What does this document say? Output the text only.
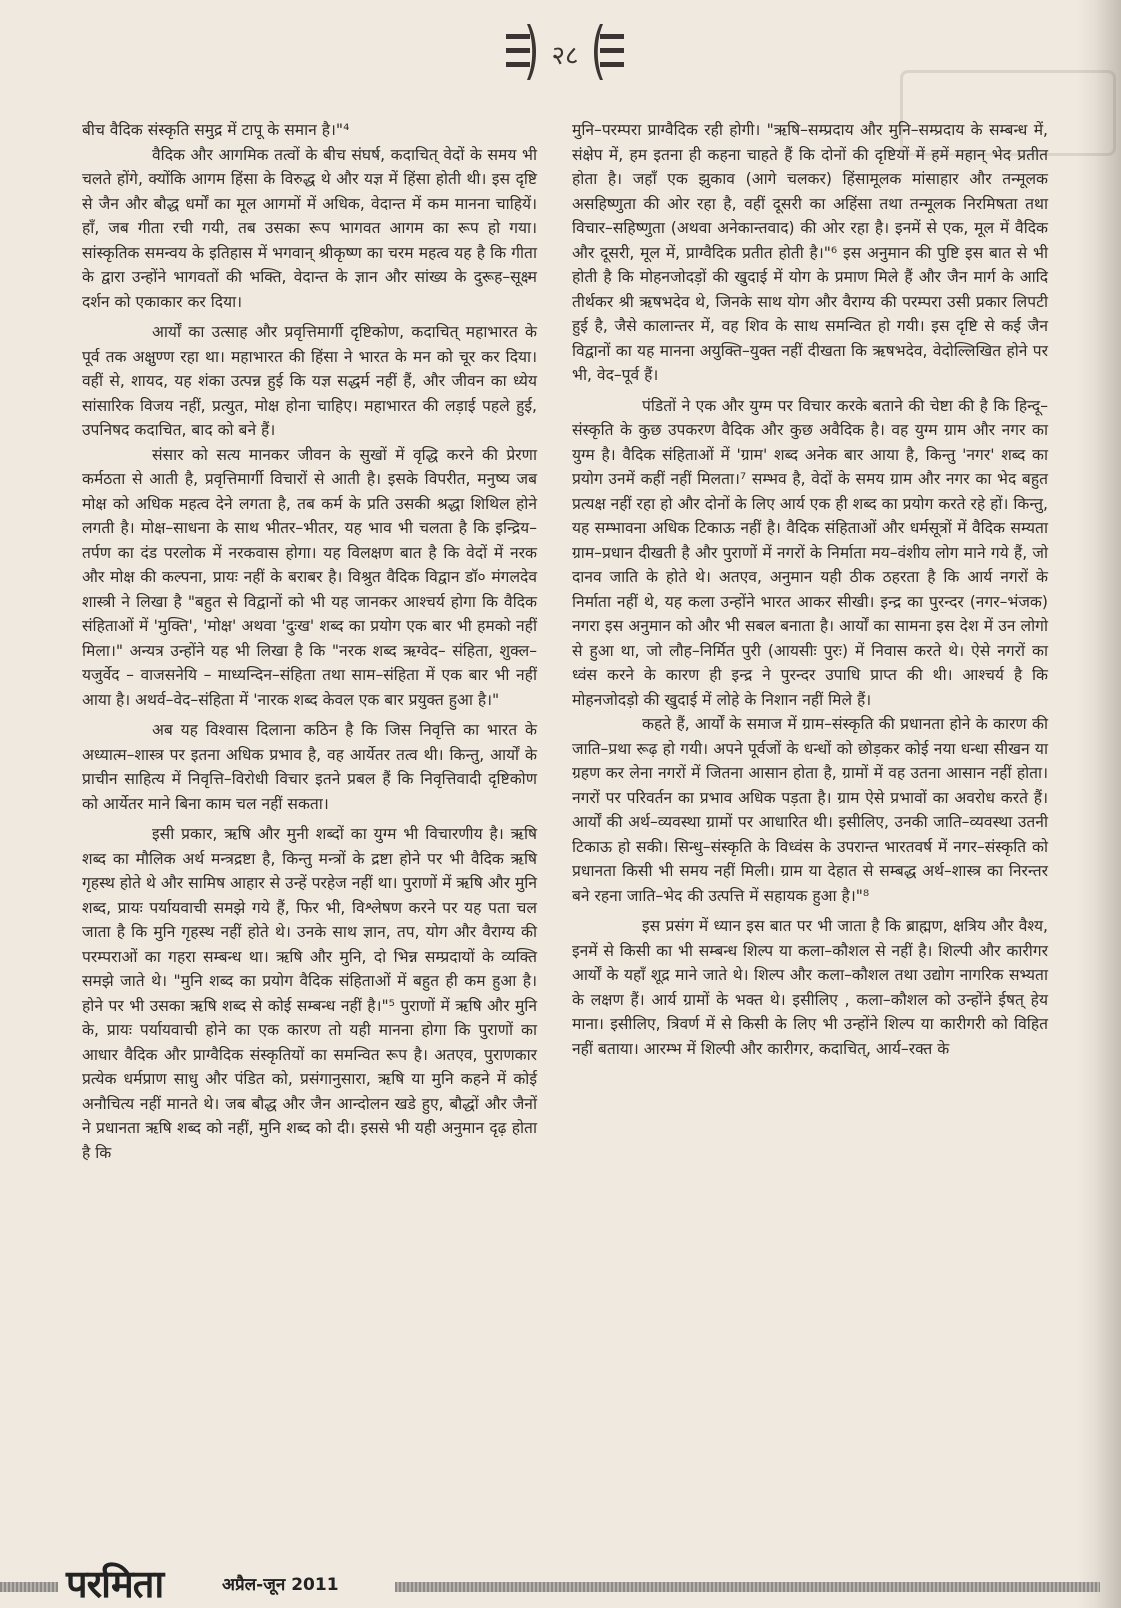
२८

बीच वैदिक संस्कृति समुद्र में टापू के समान है।"⁴

वैदिक और आगमिक तत्वों के बीच संघर्ष, कदाचित् वेदों के समय भी चलते होंगे, क्योंकि आगम हिंसा के विरुद्ध थे और यज्ञ में हिंसा होती थी। इस दृष्टि से जैन और बौद्ध धर्मों का मूल आगमों में अधिक, वेदान्त में कम मानना चाहियें। हाँ, जब गीता रची गयी, तब उसका रूप भागवत आगम का रूप हो गया। सांस्कृतिक समन्वय के इतिहास में भगवान् श्रीकृष्ण का चरम महत्व यह है कि गीता के द्वारा उन्होंने भागवतों की भक्ति, वेदान्त के ज्ञान और सांख्य के दुरूह–सूक्ष्म दर्शन को एकाकार कर दिया।

आर्यों का उत्साह और प्रवृत्तिमार्गी दृष्टिकोण, कदाचित् महाभारत के पूर्व तक अक्षुण्ण रहा था। महाभारत की हिंसा ने भारत के मन को चूर कर दिया। वहीं से, शायद, यह शंका उत्पन्न हुई कि यज्ञ सद्धर्म नहीं हैं, और जीवन का ध्येय सांसारिक विजय नहीं, प्रत्युत, मोक्ष होना चाहिए। महाभारत की लड़ाई पहले हुई, उपनिषद कदाचित, बाद को बने हैं।

संसार को सत्य मानकर जीवन के सुखों में वृद्धि करने की प्रेरणा कर्मठता से आती है, प्रवृत्तिमार्गी विचारों से आती है। इसके विपरीत, मनुष्य जब मोक्ष को अधिक महत्व देने लगता है, तब कर्म के प्रति उसकी श्रद्धा शिथिल होने लगती है। मोक्ष–साधना के साथ भीतर–भीतर, यह भाव भी चलता है कि इन्द्रिय–तर्पण का दंड परलोक में नरकवास होगा। यह विलक्षण बात है कि वेदों में नरक और मोक्ष की कल्पना, प्रायः नहीं के बराबर है। विश्रुत वैदिक विद्वान डॉ० मंगलदेव शास्त्री ने लिखा है "बहुत से विद्वानों को भी यह जानकर आश्चर्य होगा कि वैदिक संहिताओं में 'मुक्ति', 'मोक्ष' अथवा 'दुःख' शब्द का प्रयोग एक बार भी हमको नहीं मिला।" अन्यत्र उन्होंने यह भी लिखा है कि "नरक शब्द ऋग्वेद– संहिता, शुक्ल– यजुर्वेद – वाजसनेयि – माध्यन्दिन–संहिता तथा साम–संहिता में एक बार भी नहीं आया है। अथर्व–वेद–संहिता में 'नारक शब्द केवल एक बार प्रयुक्त हुआ है।"

अब यह विश्वास दिलाना कठिन है कि जिस निवृत्ति का भारत के अध्यात्म–शास्त्र पर इतना अधिक प्रभाव है, वह आर्येतर तत्व थी। किन्तु, आर्यों के प्राचीन साहित्य में निवृत्ति–विरोधी विचार इतने प्रबल हैं कि निवृत्तिवादी दृष्टिकोण को आर्येतर माने बिना काम चल नहीं सकता।

इसी प्रकार, ऋषि और मुनी शब्दों का युग्म भी विचारणीय है। ऋषि शब्द का मौलिक अर्थ मन्त्रद्रष्टा है, किन्तु मन्त्रों के द्रष्टा होने पर भी वैदिक ऋषि गृहस्थ होते थे और सामिष आहार से उन्हें परहेज नहीं था। पुराणों में ऋषि और मुनि शब्द, प्रायः पर्यायवाची समझे गये हैं, फिर भी, विश्लेषण करने पर यह पता चल जाता है कि मुनि गृहस्थ नहीं होते थे। उनके साथ ज्ञान, तप, योग और वैराग्य की परम्पराओं का गहरा सम्बन्ध था। ऋषि और मुनि, दो भिन्न सम्प्रदायों के व्यक्ति समझे जाते थे। "मुनि शब्द का प्रयोग वैदिक संहिताओं में बहुत ही कम हुआ है। होने पर भी उसका ऋषि शब्द से कोई सम्बन्ध नहीं है।"⁵ पुराणों में ऋषि और मुनि के, प्रायः पर्यायवाची होने का एक कारण तो यही मानना होगा कि पुराणों का आधार वैदिक और प्राग्वैदिक संस्कृतियों का समन्वित रूप है। अतएव, पुराणकार प्रत्येक धर्मप्राण साधु और पंडित को, प्रसंगानुसारा, ऋषि या मुनि कहने में कोई अनौचित्य नहीं मानते थे। जब बौद्ध और जैन आन्दोलन खडे हुए, बौद्धों और जैनों ने प्रधानता ऋषि शब्द को नहीं, मुनि शब्द को दी। इससे भी यही अनुमान दृढ़ होता है कि

मुनि–परम्परा प्राग्वैदिक रही होगी। "ऋषि–सम्प्रदाय और मुनि–सम्प्रदाय के सम्बन्ध में, संक्षेप में, हम इतना ही कहना चाहते हैं कि दोनों की दृष्टियों में हमें महान् भेद प्रतीत होता है। जहाँ एक झुकाव (आगे चलकर) हिंसामूलक मांसाहार और तन्मूलक असहिष्णुता की ओर रहा है, वहीं दूसरी का अहिंसा तथा तन्मूलक निरमिषता तथा विचार–सहिष्णुता (अथवा अनेकान्तवाद) की ओर रहा है। इनमें से एक, मूल में वैदिक और दूसरी, मूल में, प्राग्वैदिक प्रतीत होती है।"⁶ इस अनुमान की पुष्टि इस बात से भी होती है कि मोहनजोदड़ों की खुदाई में योग के प्रमाण मिले हैं और जैन मार्ग के आदि तीर्थकर श्री ऋषभदेव थे, जिनके साथ योग और वैराग्य की परम्परा उसी प्रकार लिपटी हुई है, जैसे कालान्तर में, वह शिव के साथ समन्वित हो गयी। इस दृष्टि से कई जैन विद्वानों का यह मानना अयुक्ति–युक्त नहीं दीखता कि ऋषभदेव, वेदोल्लिखित होने पर भी, वेद–पूर्व हैं।

पंडितों ने एक और युग्म पर विचार करके बताने की चेष्टा की है कि हिन्दू–संस्कृति के कुछ उपकरण वैदिक और कुछ अवैदिक है। वह युग्म ग्राम और नगर का युग्म है। वैदिक संहिताओं में 'ग्राम' शब्द अनेक बार आया है, किन्तु 'नगर' शब्द का प्रयोग उनमें कहीं नहीं मिलता।⁷ सम्भव है, वेदों के समय ग्राम और नगर का भेद बहुत प्रत्यक्ष नहीं रहा हो और दोनों के लिए आर्य एक ही शब्द का प्रयोग करते रहे हों। किन्तु, यह सम्भावना अधिक टिकाऊ नहीं है। वैदिक संहिताओं और धर्मसूत्रों में वैदिक सम्यता ग्राम–प्रधान दीखती है और पुराणों में नगरों के निर्माता मय–वंशीय लोग माने गये हैं, जो दानव जाति के होते थे। अतएव, अनुमान यही ठीक ठहरता है कि आर्य नगरों के निर्माता नहीं थे, यह कला उन्होंने भारत आकर सीखी। इन्द्र का पुरन्दर (नगर–भंजक) नगरा इस अनुमान को और भी सबल बनाता है। आर्यों का सामना इस देश में उन लोगो से हुआ था, जो लौह–निर्मित पुरी (आयसीः पुरः) में निवास करते थे। ऐसे नगरों का ध्वंस करने के कारण ही इन्द्र ने पुरन्दर उपाधि प्राप्त की थी। आश्चर्य है कि मोहनजोदड़ो की खुदाई में लोहे के निशान नहीं मिले हैं।

कहते हैं, आर्यों के समाज में ग्राम–संस्कृति की प्रधानता होने के कारण की जाति–प्रथा रूढ़ हो गयी। अपने पूर्वजों के धन्धों को छोड़कर कोई नया धन्धा सीखन या ग्रहण कर लेना नगरों में जितना आसान होता है, ग्रामों में वह उतना आसान नहीं होता। नगरों पर परिवर्तन का प्रभाव अधिक पड़ता है। ग्राम ऐसे प्रभावों का अवरोध करते हैं। आर्यों की अर्थ–व्यवस्था ग्रामों पर आधारित थी। इसीलिए, उनकी जाति–व्यवस्था उतनी टिकाऊ हो सकी। सिन्धु–संस्कृति के विध्वंस के उपरान्त भारतवर्ष में नगर–संस्कृति को प्रधानता किसी भी समय नहीं मिली। ग्राम या देहात से सम्बद्ध अर्थ–शास्त्र का निरन्तर बने रहना जाति–भेद की उत्पत्ति में सहायक हुआ है।"⁸

इस प्रसंग में ध्यान इस बात पर भी जाता है कि ब्राह्मण, क्षत्रिय और वैश्य, इनमें से किसी का भी सम्बन्ध शिल्प या कला–कौशल से नहीं है। शिल्पी और कारीगर आर्यों के यहाँ शूद्र माने जाते थे। शिल्प और कला–कौशल तथा उद्योग नागरिक सभ्यता के लक्षण हैं। आर्य ग्रामों के भक्त थे। इसीलिए , कला–कौशल को उन्होंने ईषत् हेय माना। इसीलिए, त्रिवर्ण में से किसी के लिए भी उन्होंने शिल्प या कारीगरी को विहित नहीं बताया। आरम्भ में शिल्पी और कारीगर, कदाचित्, आर्य–रक्त के

परमिता	अप्रैल-जून 2011
